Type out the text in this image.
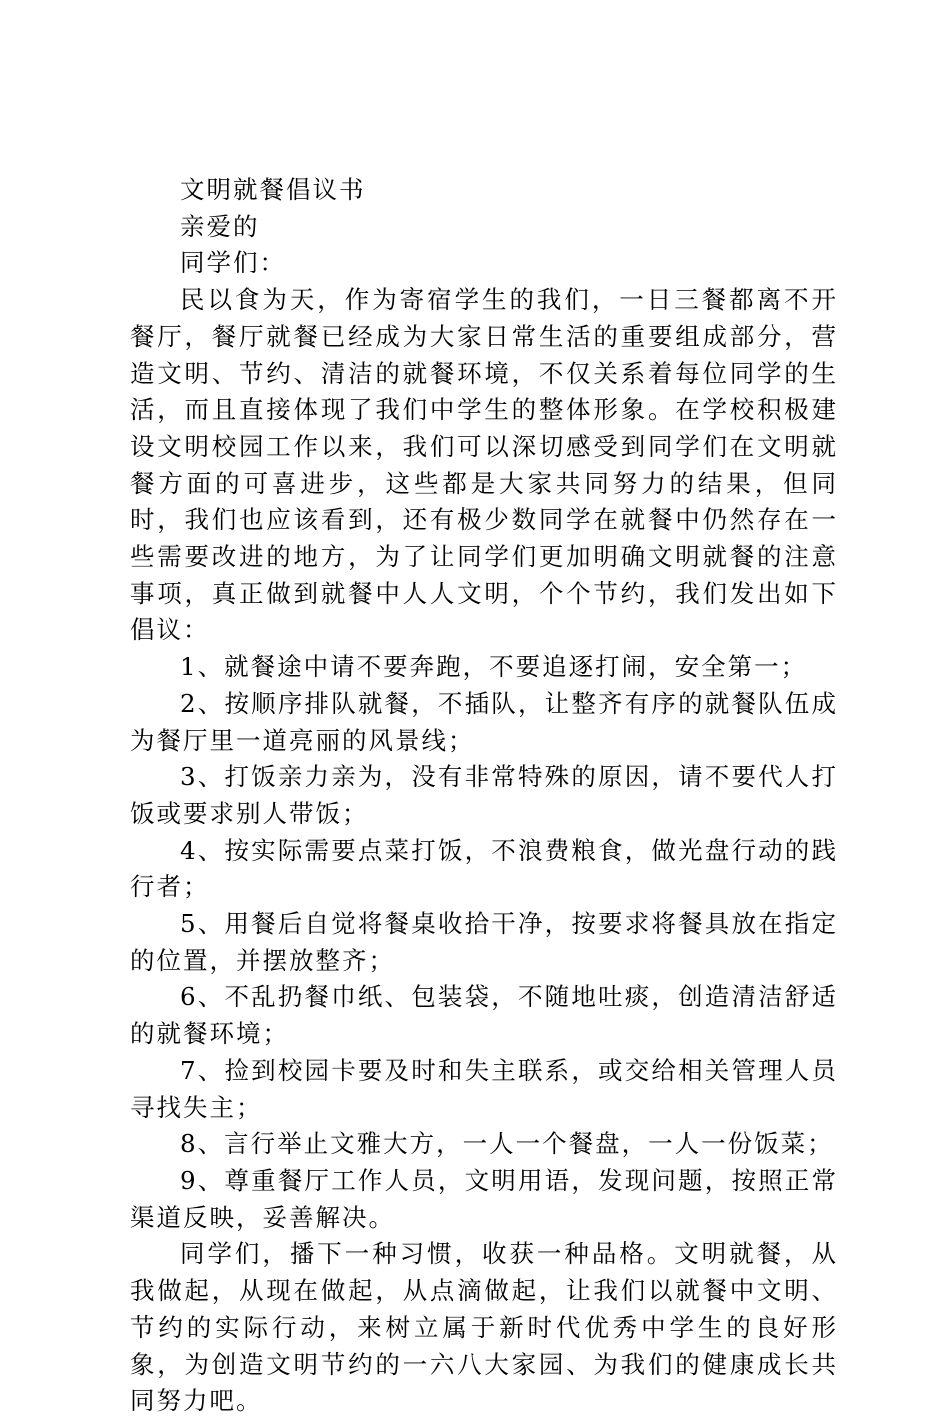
文明就餐倡议书

亲爱的

同学们：

民以食为天，作为寄宿学生的我们，一日三餐都离不开餐厅，餐厅就餐已经成为大家日常生活的重要组成部分，营造文明、节约、清洁的就餐环境，不仅关系着每位同学的生活，而且直接体现了我们中学生的整体形象。在学校积极建设文明校园工作以来，我们可以深切感受到同学们在文明就餐方面的可喜进步，这些都是大家共同努力的结果，但同时，我们也应该看到，还有极少数同学在就餐中仍然存在一些需要改进的地方，为了让同学们更加明确文明就餐的注意事项，真正做到就餐中人人文明，个个节约，我们发出如下倡议：

1、就餐途中请不要奔跑，不要追逐打闹，安全第一；

2、按顺序排队就餐，不插队，让整齐有序的就餐队伍成为餐厅里一道亮丽的风景线；

3、打饭亲力亲为，没有非常特殊的原因，请不要代人打饭或要求别人带饭；

4、按实际需要点菜打饭，不浪费粮食，做光盘行动的践行者；

5、用餐后自觉将餐桌收拾干净，按要求将餐具放在指定的位置，并摆放整齐；

6、不乱扔餐巾纸、包装袋，不随地吐痰，创造清洁舒适的就餐环境；

7、捡到校园卡要及时和失主联系，或交给相关管理人员寻找失主；

8、言行举止文雅大方，一人一个餐盘，一人一份饭菜；

9、尊重餐厅工作人员，文明用语，发现问题，按照正常渠道反映，妥善解决。

同学们，播下一种习惯，收获一种品格。文明就餐，从我做起，从现在做起，从点滴做起，让我们以就餐中文明、节约的实际行动，来树立属于新时代优秀中学生的良好形象，为创造文明节约的一六八大家园、为我们的健康成长共同努力吧。
